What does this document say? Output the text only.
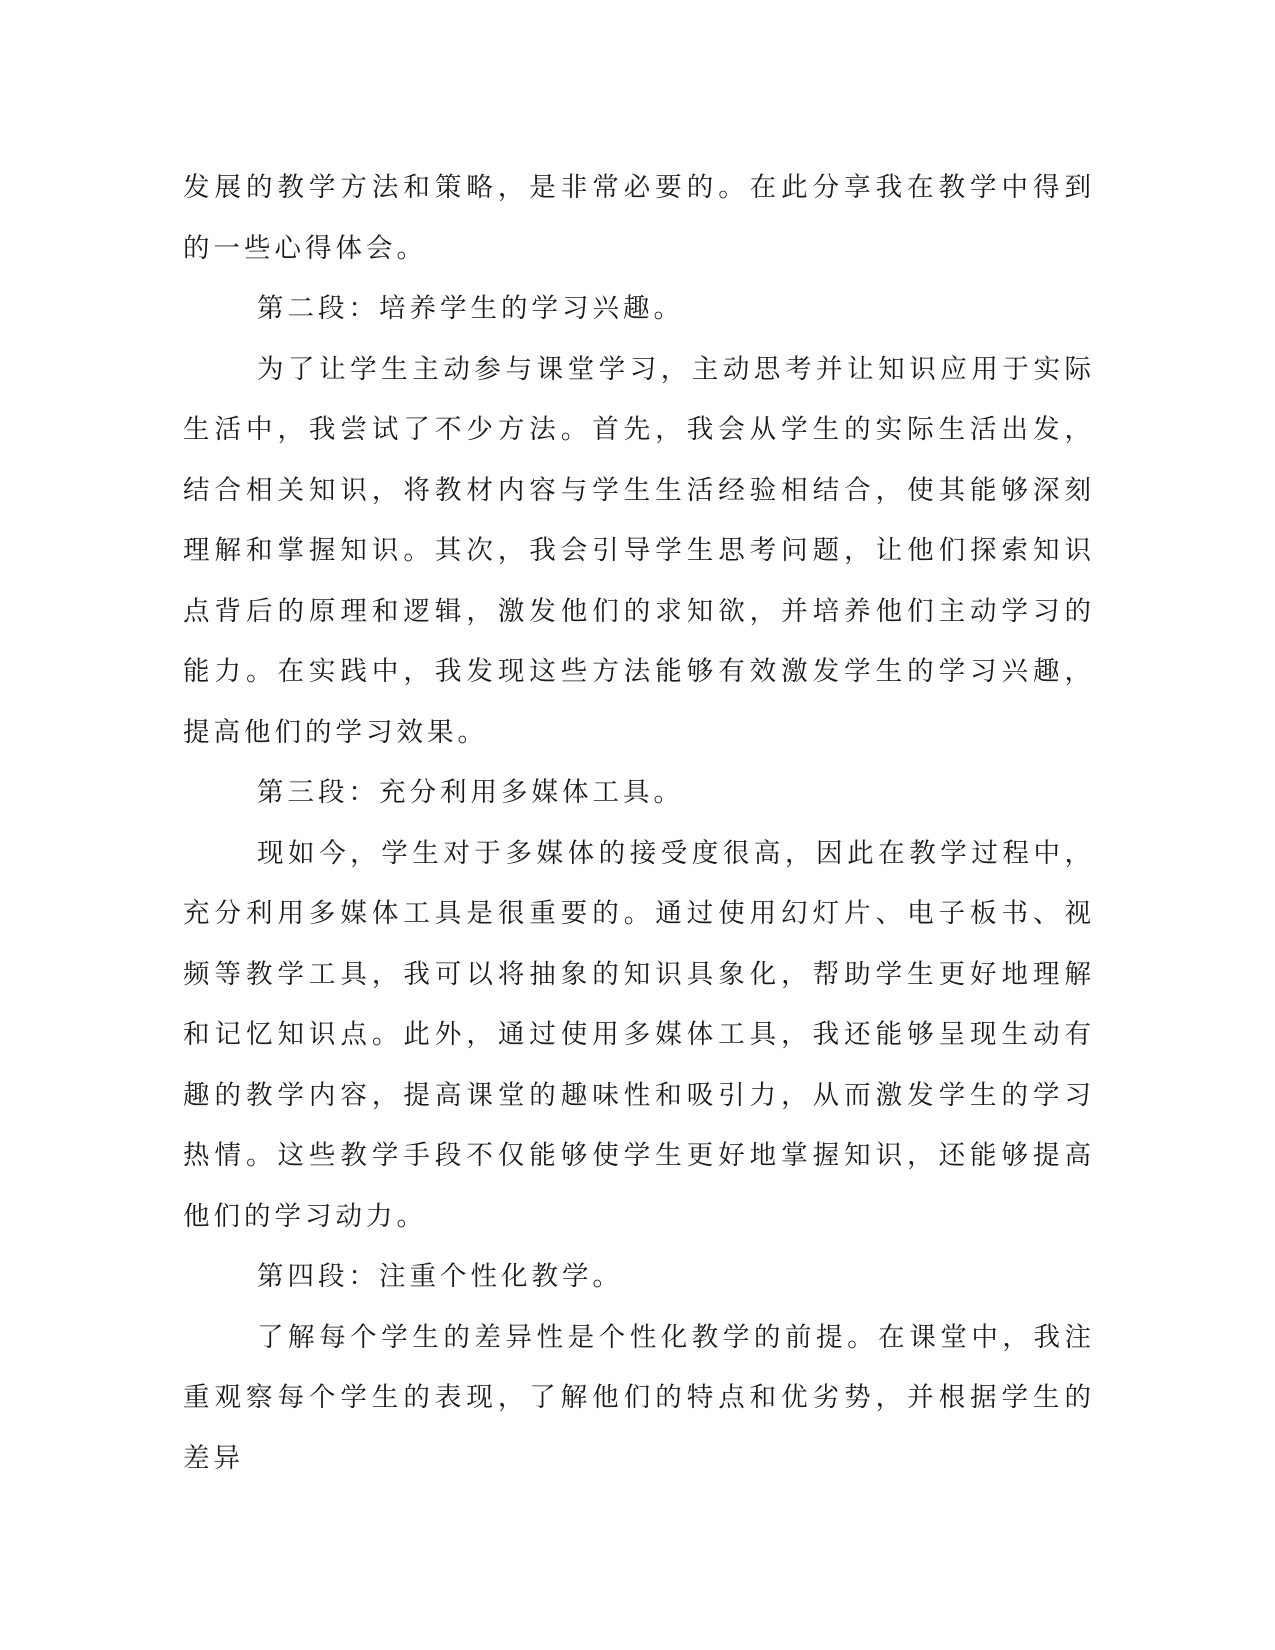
发展的教学方法和策略，是非常必要的。在此分享我在教学中得到的一些心得体会。

第二段：培养学生的学习兴趣。

为了让学生主动参与课堂学习，主动思考并让知识应用于实际生活中，我尝试了不少方法。首先，我会从学生的实际生活出发，结合相关知识，将教材内容与学生生活经验相结合，使其能够深刻理解和掌握知识。其次，我会引导学生思考问题，让他们探索知识点背后的原理和逻辑，激发他们的求知欲，并培养他们主动学习的能力。在实践中，我发现这些方法能够有效激发学生的学习兴趣，提高他们的学习效果。

第三段：充分利用多媒体工具。

现如今，学生对于多媒体的接受度很高，因此在教学过程中，充分利用多媒体工具是很重要的。通过使用幻灯片、电子板书、视频等教学工具，我可以将抽象的知识具象化，帮助学生更好地理解和记忆知识点。此外，通过使用多媒体工具，我还能够呈现生动有趣的教学内容，提高课堂的趣味性和吸引力，从而激发学生的学习热情。这些教学手段不仅能够使学生更好地掌握知识，还能够提高他们的学习动力。

第四段：注重个性化教学。

了解每个学生的差异性是个性化教学的前提。在课堂中，我注重观察每个学生的表现，了解他们的特点和优劣势，并根据学生的差异
